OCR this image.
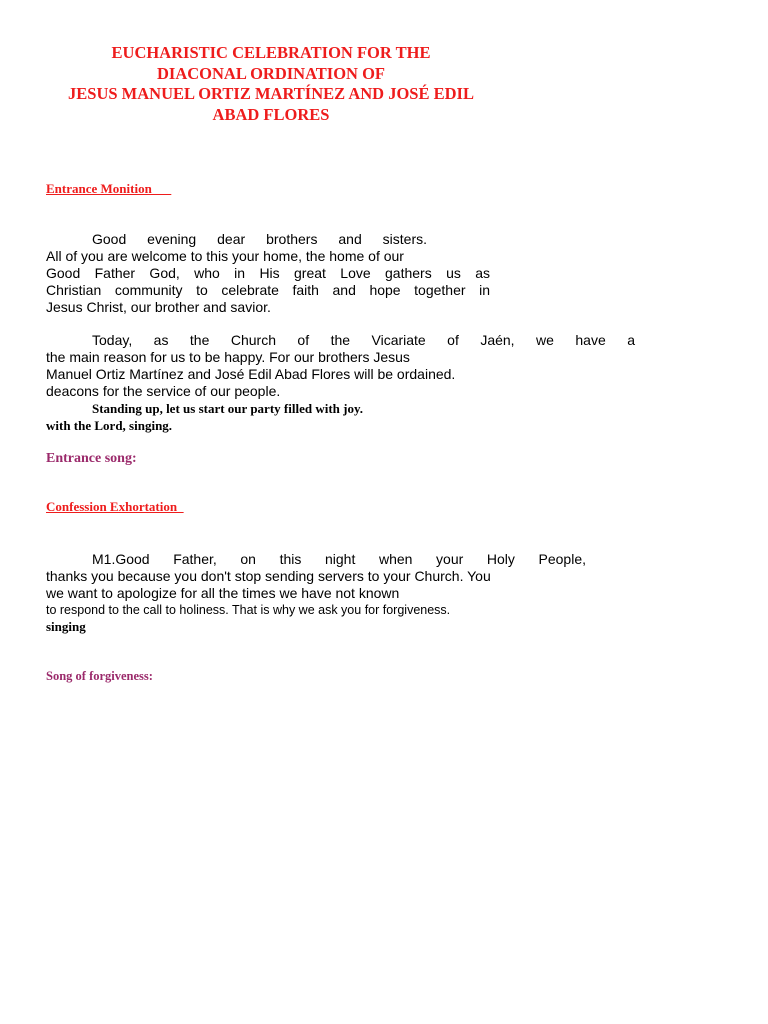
EUCHARISTIC CELEBRATION FOR THE
DIACONAL ORDINATION OF
JESUS MANUEL ORTIZ MARTÍNEZ AND JOSÉ EDIL
ABAD FLORES
Entrance Monition
Good evening dear brothers and sisters.
All of you are welcome to this your home, the home of our
Good Father God, who in His great Love gathers us as
Christian community to celebrate faith and hope together in
Jesus Christ, our brother and savior.
Today, as the Church of the Vicariate of Jaén, we have a
the main reason for us to be happy. For our brothers Jesus
Manuel Ortiz Martínez and José Edil Abad Flores will be ordained.
deacons for the service of our people.
Standing up, let us start our party filled with joy.
with the Lord, singing.
Entrance song:
Confession Exhortation
M1.Good Father, on this night when your Holy People,
thanks you because you don't stop sending servers to your Church. You
we want to apologize for all the times we have not known
to respond to the call to holiness. That is why we ask you for forgiveness.
singing
Song of forgiveness:
